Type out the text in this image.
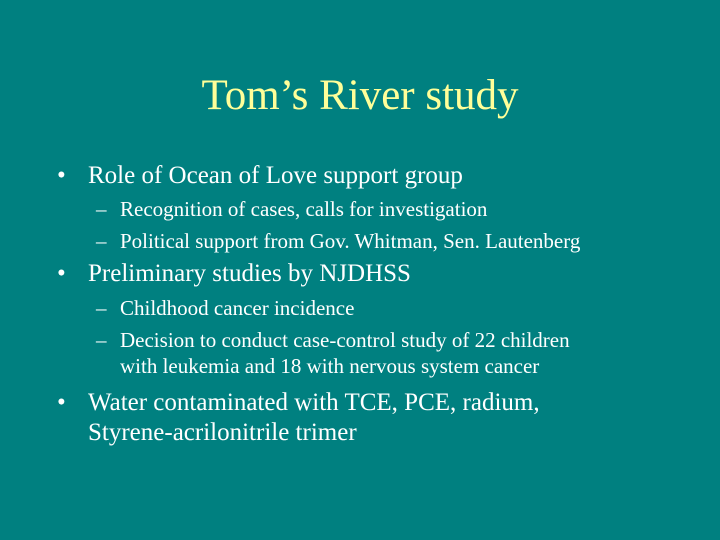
Tom’s River study
• Role of Ocean of Love support group
– Recognition of cases, calls for investigation
– Political support from Gov. Whitman, Sen. Lautenberg
• Preliminary studies by NJDHSS
– Childhood cancer incidence
– Decision to conduct case-control study of 22 children
with leukemia and 18 with nervous system cancer
• Water contaminated with TCE, PCE, radium,
Styrene-acrilonitrile trimer
